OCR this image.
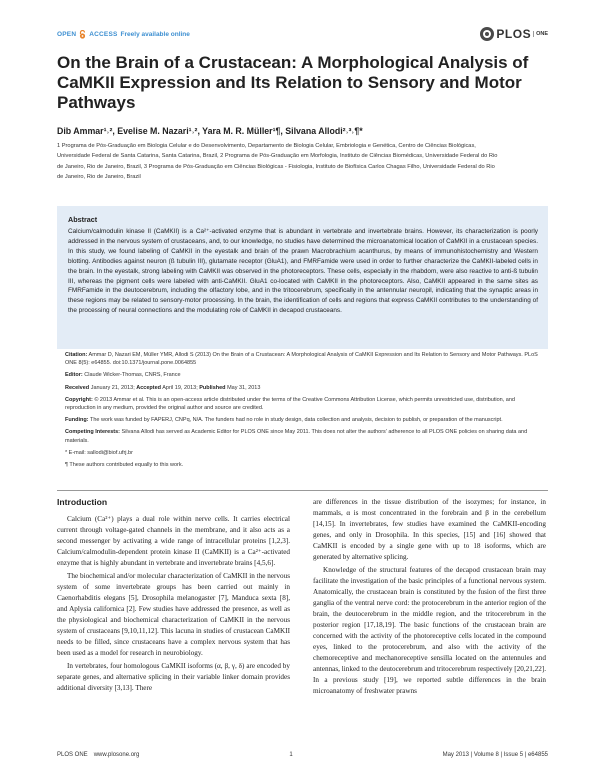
OPEN ACCESS Freely available online	PLOS ONE
On the Brain of a Crustacean: A Morphological Analysis of CaMKII Expression and Its Relation to Sensory and Motor Pathways
Dib Ammar¹˒², Evelise M. Nazari¹˒², Yara M. R. Müller¹¶, Silvana Allodi²˒³˒¶*

1 Programa de Pós-Graduação em Biologia Celular e do Desenvolvimento, Departamento de Biologia Celular, Embriologia e Genética, Centro de Ciências Biológicas,

Universidade Federal de Santa Catarina, Santa Catarina, Brazil, 2 Programa de Pós-Graduação em Morfologia, Instituto de Ciências Biomédicas, Universidade Federal do Rio

de Janeiro, Rio de Janeiro, Brazil, 3 Programa de Pós-Graduação em Ciências Biológicas - Fisiologia, Instituto de Biofísica Carlos Chagas Filho, Universidade Federal do Rio

de Janeiro, Rio de Janeiro, Brazil

Abstract
Calcium/calmodulin kinase II (CaMKII) is a Ca²⁺-activated enzyme that is abundant in vertebrate and invertebrate brains. However, its characterization is poorly addressed in the nervous system of crustaceans, and, to our knowledge, no studies have determined the microanatomical location of CaMKII in a crustacean species. In this study, we found labeling of CaMKII in the eyestalk and brain of the prawn Macrobrachium acanthurus, by means of immunohistochemistry and Western blotting. Antibodies against neuron (ß tubulin III), glutamate receptor (GluA1), and FMRFamide were used in order to further characterize the CaMKII-labeled cells in the brain. In the eyestalk, strong labeling with CaMKII was observed in the photoreceptors. These cells, especially in the rhabdom, were also reactive to anti-ß tubulin III, whereas the pigment cells were labeled with anti-CaMKII. GluA1 co-located with CaMKII in the photoreceptors. Also, CaMKII appeared in the same sites as FMRFamide in the deutocerebrum, including the olfactory lobe, and in the tritocerebrum, specifically in the antennular neuropil, indicating that the synaptic areas in these regions may be related to sensory-motor processing. In the brain, the identification of cells and regions that express CaMKII contributes to the understanding of the processing of neural connections and the modulating role of CaMKII in decapod crustaceans.
Citation: Ammar D, Nazari EM, Müller YMR, Allodi S (2013) On the Brain of a Crustacean: A Morphological Analysis of CaMKII Expression and Its Relation to Sensory and Motor Pathways. PLoS ONE 8(5): e64855. doi:10.1371/journal.pone.0064855
Editor: Claude Wicker-Thomas, CNRS, France
Received January 21, 2013; Accepted April 19, 2013; Published May 31, 2013
Copyright: © 2013 Ammar et al. This is an open-access article distributed under the terms of the Creative Commons Attribution License, which permits unrestricted use, distribution, and reproduction in any medium, provided the original author and source are credited.
Funding: The work was funded by FAPERJ, CNPq, N/A. The funders had no role in study design, data collection and analysis, decision to publish, or preparation of the manuscript.
Competing Interests: Silvana Allodi has served as Academic Editor for PLOS ONE since May 2011. This does not alter the authors' adherence to all PLOS ONE policies on sharing data and materials.
* E-mail: sallodi@biof.ufrj.br
¶ These authors contributed equally to this work.
Introduction

Calcium (Ca²⁺) plays a dual role within nerve cells. It carries electrical current through voltage-gated channels in the membrane, and it also acts as a second messenger by activating a wide range of intracellular proteins [1,2,3]. Calcium/calmodulin-dependent protein kinase II (CaMKII) is a Ca²⁺-activated enzyme that is highly abundant in vertebrate and invertebrate brains [4,5,6].

The biochemical and/or molecular characterization of CaMKII in the nervous system of some invertebrate groups has been carried out mainly in Caenorhabditis elegans [5], Drosophila melanogaster [7], Manduca sexta [8], and Aplysia californica [2]. Few studies have addressed the presence, as well as the physiological and biochemical characterization of CaMKII in the nervous system of crustaceans [9,10,11,12]. This lacuna in studies of crustacean CaMKII needs to be filled, since crustaceans have a complex nervous system that has been used as a model for research in neurobiology.

In vertebrates, four homologous CaMKII isoforms (α, β, γ, δ) are encoded by separate genes, and alternative splicing in their variable linker domain provides additional diversity [3,13]. There

are differences in the tissue distribution of the isozymes; for instance, in mammals, α is most concentrated in the forebrain and β in the cerebellum [14,15]. In invertebrates, few studies have examined the CaMKII-encoding genes, and only in Drosophila. In this species, [15] and [16] showed that CaMKII is encoded by a single gene with up to 18 isoforms, which are generated by alternative splicing.

Knowledge of the structural features of the decapod crustacean brain may facilitate the investigation of the basic principles of a functional nervous system. Anatomically, the crustacean brain is constituted by the fusion of the first three ganglia of the ventral nerve cord: the protocerebrum in the anterior region of the brain, the deutocerebrum in the middle region, and the tritocerebrum in the posterior region [17,18,19]. The basic functions of the crustacean brain are concerned with the activity of the photoreceptive cells located in the compound eyes, linked to the protocerebrum, and also with the activity of the chemoreceptive and mechanoreceptive sensilla located on the antennules and antennas, linked to the deutocerebrum and tritocerebrum respectively [20,21,22]. In a previous study [19], we reported subtle differences in the brain microanatomy of freshwater prawns

PLOS ONE www.plosone.org	1	May 2013 | Volume 8 | Issue 5 | e64855
